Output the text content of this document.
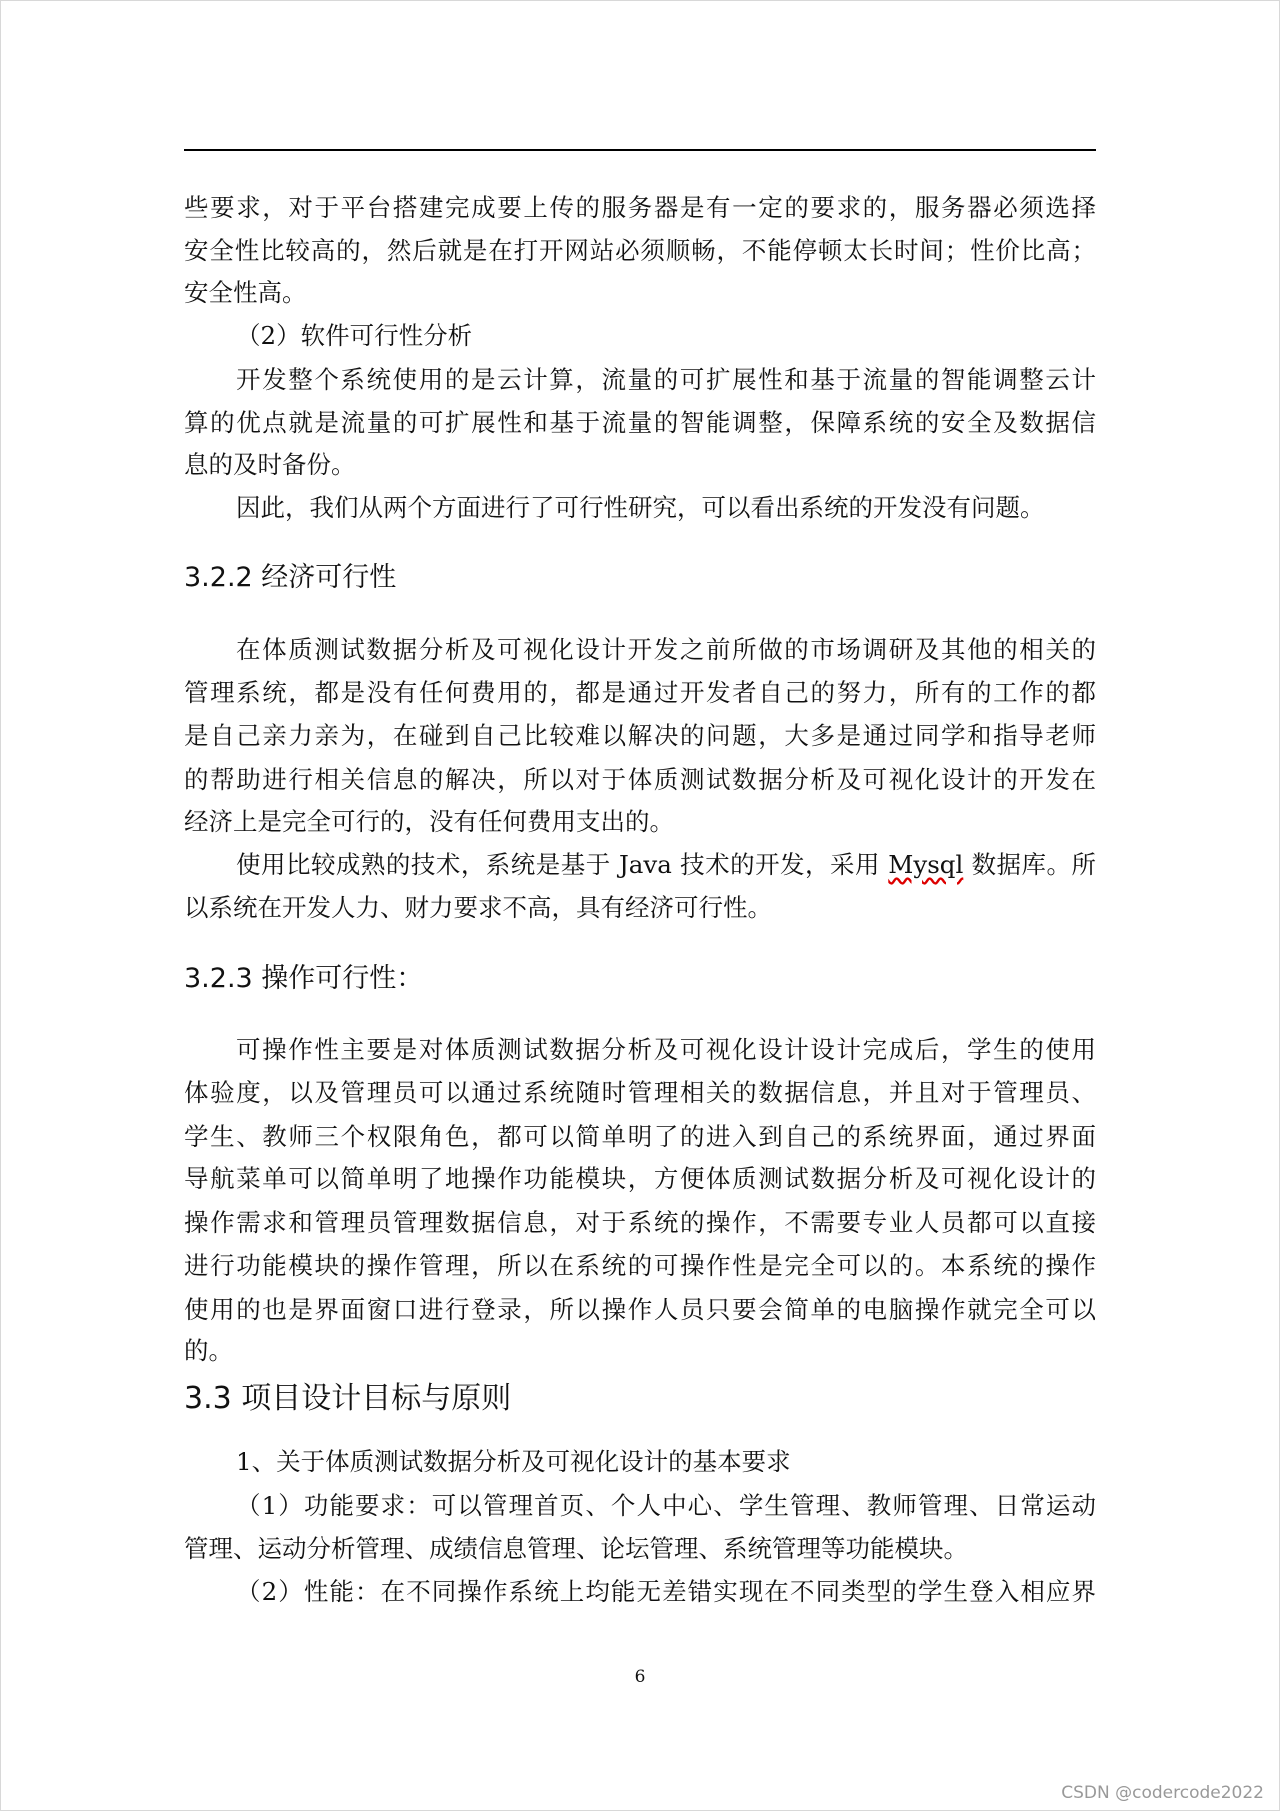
些要求，对于平台搭建完成要上传的服务器是有一定的要求的，服务器必须选择
安全性比较高的，然后就是在打开网站必须顺畅，不能停顿太长时间；性价比高；
安全性高。
（2）软件可行性分析
开发整个系统使用的是云计算，流量的可扩展性和基于流量的智能调整云计
算的优点就是流量的可扩展性和基于流量的智能调整，保障系统的安全及数据信
息的及时备份。
因此，我们从两个方面进行了可行性研究，可以看出系统的开发没有问题。
3.2.2 经济可行性
在体质测试数据分析及可视化设计开发之前所做的市场调研及其他的相关的
管理系统，都是没有任何费用的，都是通过开发者自己的努力，所有的工作的都
是自己亲力亲为，在碰到自己比较难以解决的问题，大多是通过同学和指导老师
的帮助进行相关信息的解决，所以对于体质测试数据分析及可视化设计的开发在
经济上是完全可行的，没有任何费用支出的。
使用比较成熟的技术，系统是基于 Java 技术的开发，采用 Mysql 数据库。所
以系统在开发人力、财力要求不高，具有经济可行性。
3.2.3 操作可行性：
可操作性主要是对体质测试数据分析及可视化设计设计完成后，学生的使用
体验度，以及管理员可以通过系统随时管理相关的数据信息，并且对于管理员、
学生、教师三个权限角色，都可以简单明了的进入到自己的系统界面，通过界面
导航菜单可以简单明了地操作功能模块，方便体质测试数据分析及可视化设计的
操作需求和管理员管理数据信息，对于系统的操作，不需要专业人员都可以直接
进行功能模块的操作管理，所以在系统的可操作性是完全可以的。本系统的操作
使用的也是界面窗口进行登录，所以操作人员只要会简单的电脑操作就完全可以
的。
3.3 项目设计目标与原则
1、关于体质测试数据分析及可视化设计的基本要求
（1）功能要求：可以管理首页、个人中心、学生管理、教师管理、日常运动
管理、运动分析管理、成绩信息管理、论坛管理、系统管理等功能模块。
（2）性能：在不同操作系统上均能无差错实现在不同类型的学生登入相应界
6
CSDN @codercode2022
